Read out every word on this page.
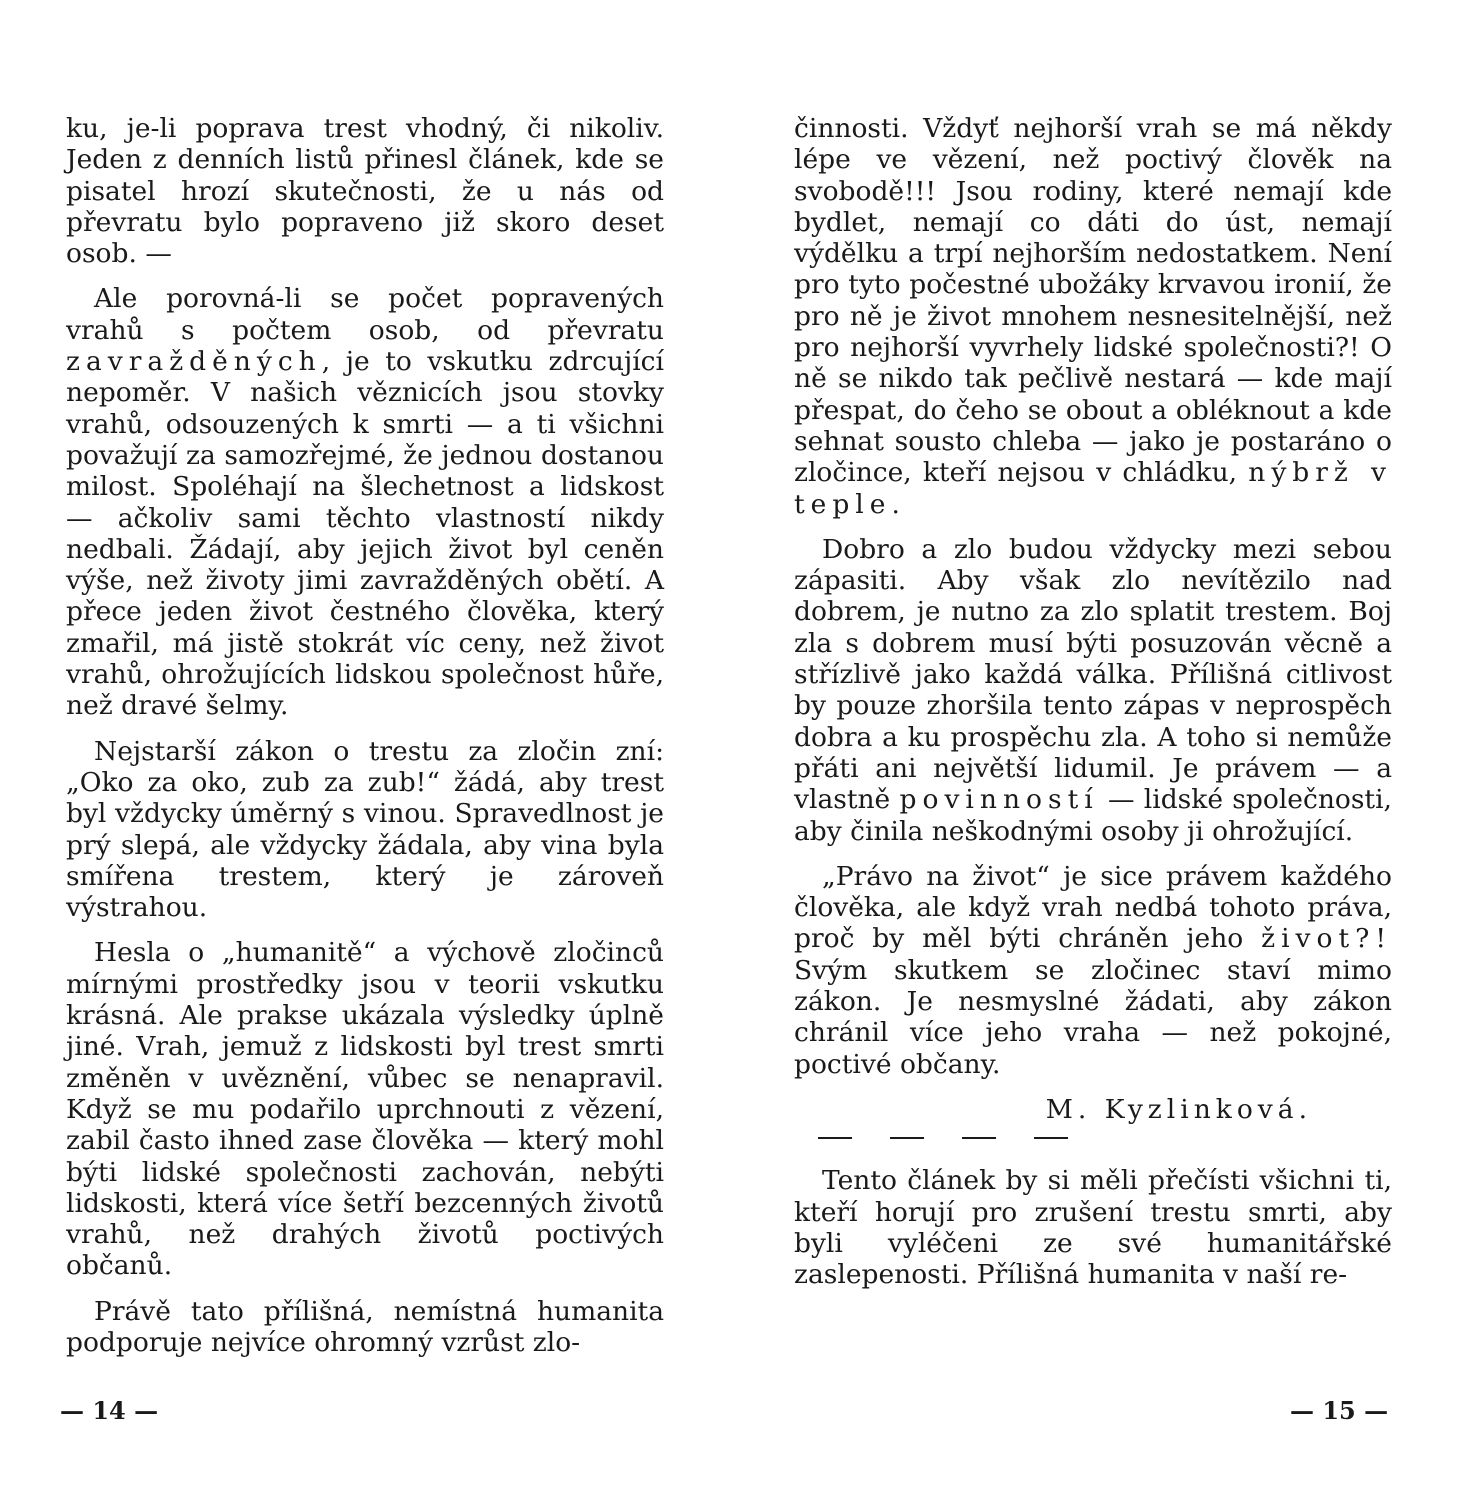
ku, je-li poprava trest vhodný, či nikoliv. Jeden z denních listů přinesl článek, kde se pisatel hrozí skutečnosti, že u nás od převratu bylo popraveno již skoro deset osob. —

Ale porovná-li se počet popravených vrahů s počtem osob, od převratu zavražděných, je to vskutku zdrcující nepoměr. V našich věznicích jsou stovky vrahů, odsouzených k smrti — a ti všichni považují za samozřejmé, že jednou dostanou milost. Spoléhají na šlechetnost a lidskost — ačkoliv sami těchto vlastností nikdy nedbali. Žádají, aby jejich život byl ceněn výše, než životy jimi zavražděných obětí. A přece jeden život čestného člověka, který zmařil, má jistě stokrát víc ceny, než život vrahů, ohrožujících lidskou společnost hůře, než dravé šelmy.

Nejstarší zákon o trestu za zločin zní: „Oko za oko, zub za zub!“ žádá, aby trest byl vždycky úměrný s vinou. Spravedlnost je prý slepá, ale vždycky žádala, aby vina byla smířena trestem, který je zároveň výstrahou.

Hesla o „humanitě“ a výchově zločinců mírnými prostředky jsou v teorii vskutku krásná. Ale prakse ukázala výsledky úplně jiné. Vrah, jemuž z lidskosti byl trest smrti změněn v uvěznění, vůbec se nenapravil. Když se mu podařilo uprchnouti z vězení, zabil často ihned zase člověka — který mohl býti lidské společnosti zachován, nebýti lidskosti, která více šetří bezcenných životů vrahů, než drahých životů poctivých občanů.

Právě tato přílišná, nemístná humanita podporuje nejvíce ohromný vzrůst zlo-

— 14 —

činnosti. Vždyť nejhorší vrah se má někdy lépe ve vězení, než poctivý člověk na svobodě!!! Jsou rodiny, které nemají kde bydlet, nemají co dáti do úst, nemají výdělku a trpí nejhorším nedostatkem. Není pro tyto počestné ubožáky krvavou ironií, že pro ně je život mnohem nesnesitelnější, než pro nejhorší vyvrhely lidské společnosti?! O ně se nikdo tak pečlivě nestará — kde mají přespat, do čeho se obout a obléknout a kde sehnat sousto chleba — jako je postaráno o zločince, kteří nejsou v chládku, nýbrž v teple.

Dobro a zlo budou vždycky mezi sebou zápasiti. Aby však zlo nevítězilo nad dobrem, je nutno za zlo splatit trestem. Boj zla s dobrem musí býti posuzován věcně a střízlivě jako každá válka. Přílišná citlivost by pouze zhoršila tento zápas v neprospěch dobra a ku prospěchu zla. A toho si nemůže přáti ani největší lidumil. Je právem — a vlastně povinností — lidské společnosti, aby činila neškodnými osoby ji ohrožující.

„Právo na život“ je sice právem každého člověka, ale když vrah nedbá tohoto práva, proč by měl býti chráněn jeho život?! Svým skutkem se zločinec staví mimo zákon. Je nesmyslné žádati, aby zákon chránil více jeho vrahа — než pokojné, poctivé občany.

M. Kyzlinková.

Tento článek by si měli přečísti všichni ti, kteří horují pro zrušení trestu smrti, aby byli vyléčeni ze své humanitářské zaslepenosti. Přílišná humanita v naší re-

— 15 —
